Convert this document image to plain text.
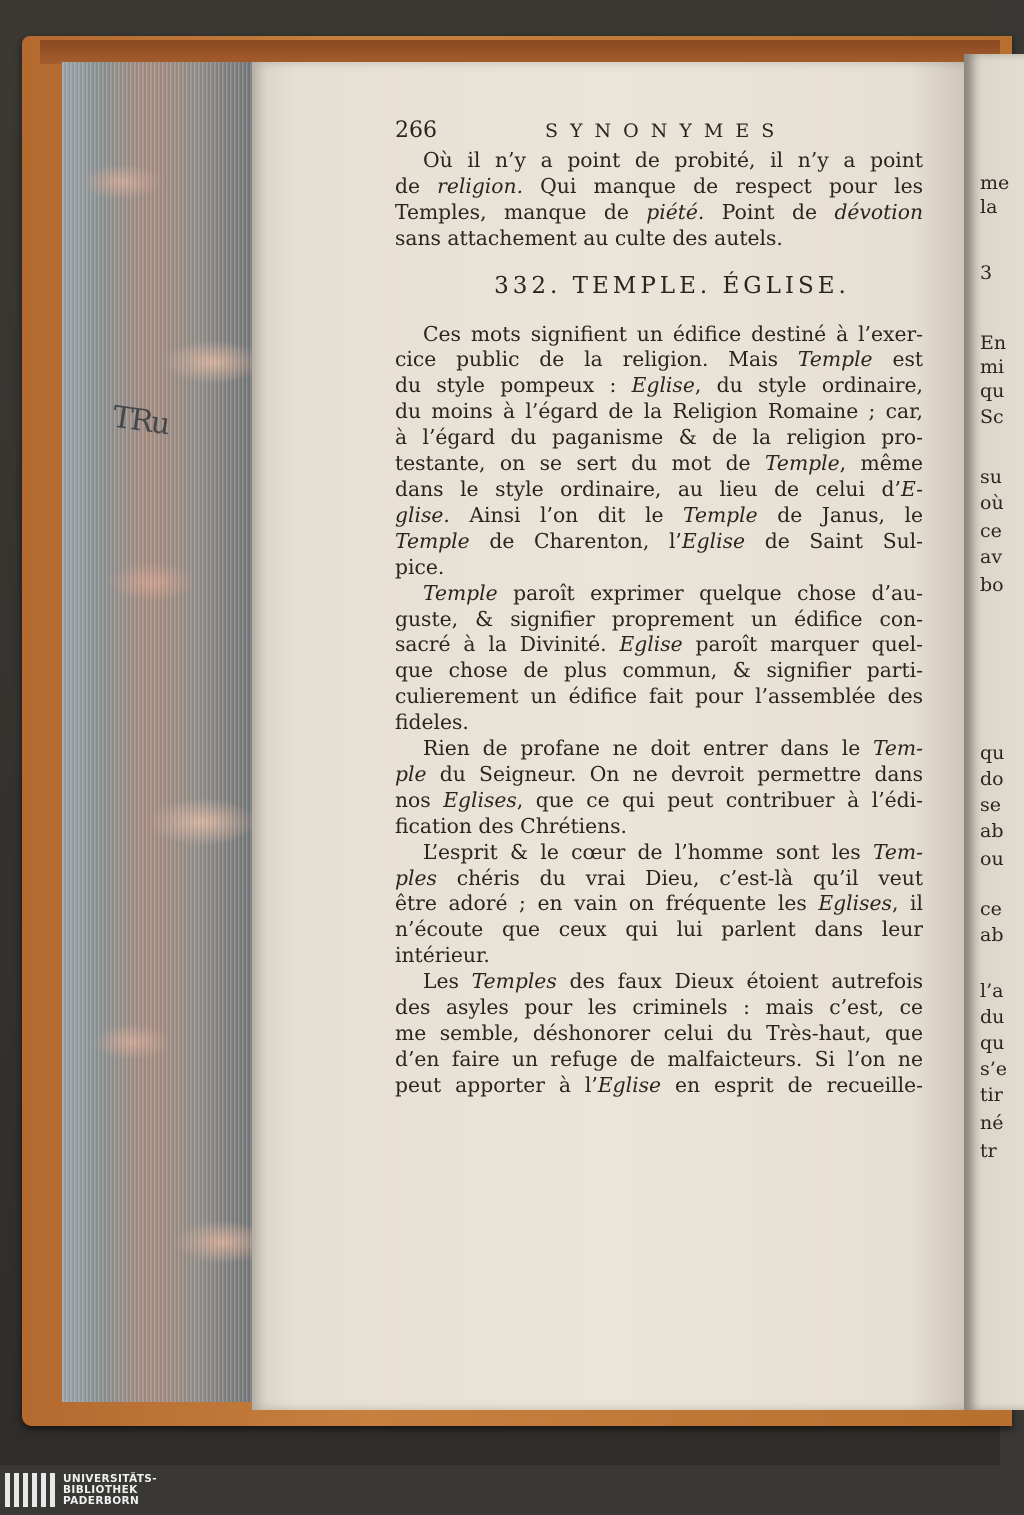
TRu
me
la
3
En
mi
qu
Sc
su
où
ce
av
bo
qu
do
se
ab
ou
ce
ab
l’a
du
qu
s’e
tir
né
tr
266	SYNONYMES
Où il n’y a point de probité, il n’y a point
de religion. Qui manque de respect pour les
Temples, manque de piété. Point de dévotion
sans attachement au culte des autels.
332. TEMPLE. ÉGLISE.
Ces mots signifient un édifice destiné à l’exer-
cice public de la religion. Mais Temple est
du style pompeux : Eglise, du style ordinaire,
du moins à l’égard de la Religion Romaine ; car,
à l’égard du paganisme & de la religion pro-
testante, on se sert du mot de Temple, même
dans le style ordinaire, au lieu de celui d’E-
glise. Ainsi l’on dit le Temple de Janus, le
Temple de Charenton, l’Eglise de Saint Sul-
pice.
Temple paroît exprimer quelque chose d’au-
guste, & signifier proprement un édifice con-
sacré à la Divinité. Eglise paroît marquer quel-
que chose de plus commun, & signifier parti-
culierement un édifice fait pour l’assemblée des
fideles.
Rien de profane ne doit entrer dans le Tem-
ple du Seigneur. On ne devroit permettre dans
nos Eglises, que ce qui peut contribuer à l’édi-
fication des Chrétiens.
L’esprit & le cœur de l’homme sont les Tem-
ples chéris du vrai Dieu, c’est-là qu’il veut
être adoré ; en vain on fréquente les Eglises, il
n’écoute que ceux qui lui parlent dans leur
intérieur.
Les Temples des faux Dieux étoient autrefois
des asyles pour les criminels : mais c’est, ce
me semble, déshonorer celui du Très-haut, que
d’en faire un refuge de malfaicteurs. Si l’on ne
peut apporter à l’Eglise en esprit de recueille-
UNIVERSITÄTS-
BIBLIOTHEK
PADERBORN
